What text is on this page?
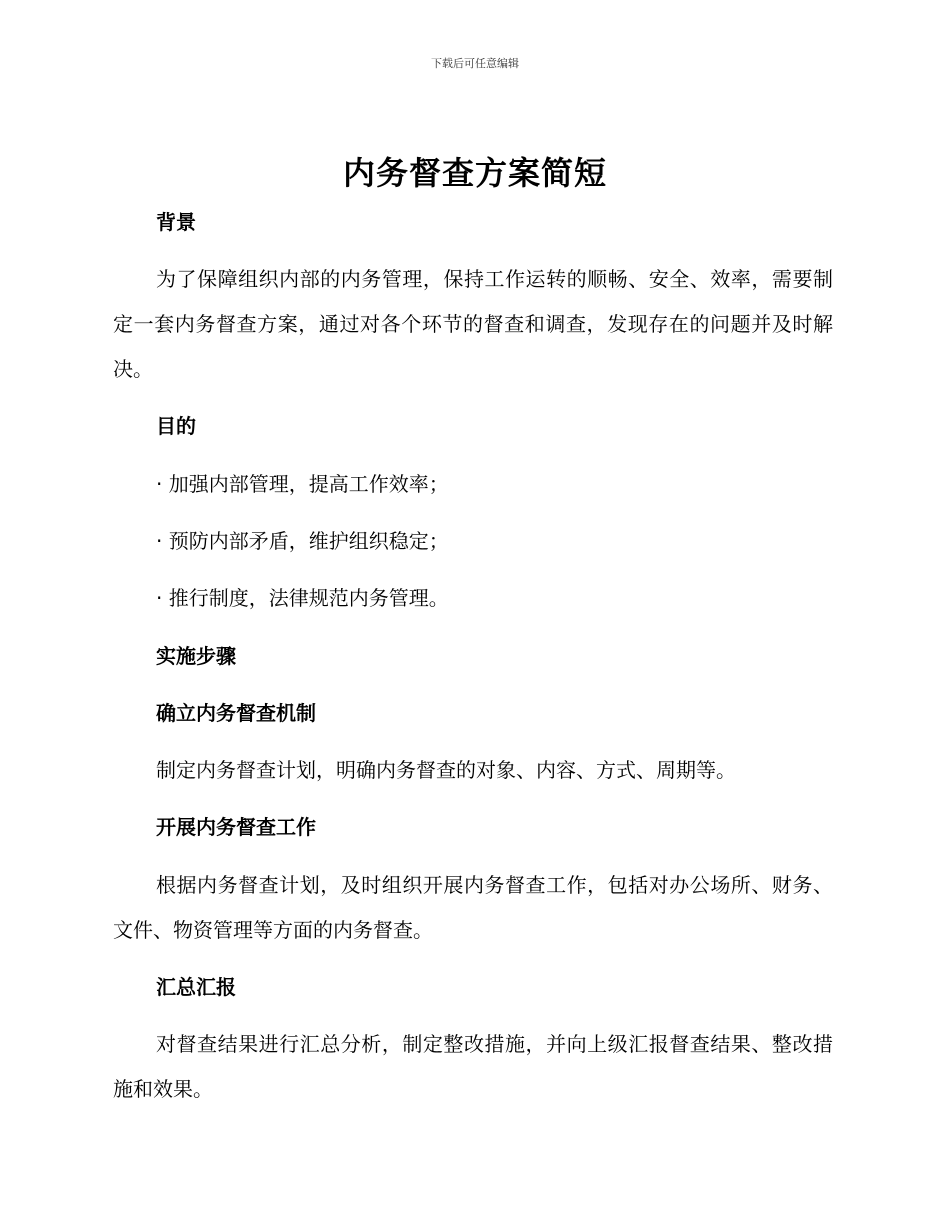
下载后可任意编辑
内务督查方案简短
背景
为了保障组织内部的内务管理，保持工作运转的顺畅、安全、效率，需要制定一套内务督查方案，通过对各个环节的督查和调查，发现存在的问题并及时解决。
目的
· 加强内部管理，提高工作效率；
· 预防内部矛盾，维护组织稳定；
· 推行制度，法律规范内务管理。
实施步骤
确立内务督查机制
制定内务督查计划，明确内务督查的对象、内容、方式、周期等。
开展内务督查工作
根据内务督查计划，及时组织开展内务督查工作，包括对办公场所、财务、文件、物资管理等方面的内务督查。
汇总汇报
对督查结果进行汇总分析，制定整改措施，并向上级汇报督查结果、整改措施和效果。
